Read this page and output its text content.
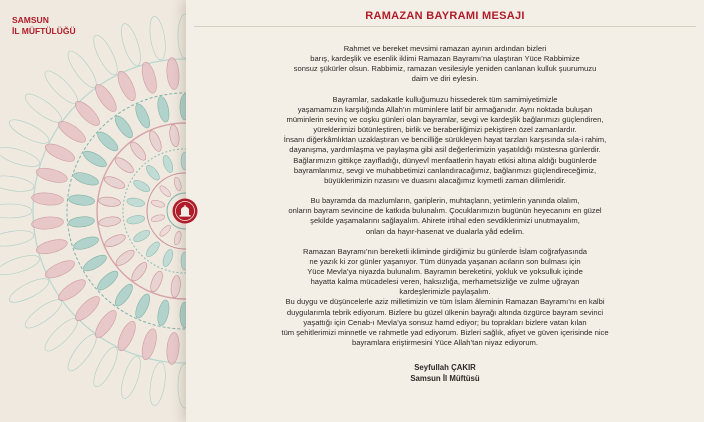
SAMSUN
İL MÜFTÜLÜĞÜ
RAMAZAN BAYRAMI MESAJI
Rahmet ve bereket mevsimi ramazan ayının ardından bizleri
barış, kardeşlik ve esenlik iklimi Ramazan Bayramı’na ulaştıran Yüce Rabbimize
sonsuz şükürler olsun. Rabbimiz, ramazan vesilesiyle yeniden canlanan kulluk şuurumuzu
daim ve diri eylesin.
Bayramlar, sadakatle kulluğumuzu hissederek tüm samimiyetimizle
yaşamamızın karşılığında Allah’ın müminlere latif bir armağanıdır. Aynı noktada buluşan
müminlerin sevinç ve coşku günleri olan bayramlar, sevgi ve kardeşlik bağlarımızı güçlendiren,
yüreklerimizi bütünleştiren, birlik ve beraberliğimizi pekiştiren özel zamanlardır.
İnsanı diğerkâmlıktan uzaklaştıran ve bencilliğe sürükleyen hayat tarzları karşısında sıla-i rahim,
dayanışma, yardımlaşma ve paylaşma gibi asil değerlerimizin yaşatıldığı müstesna günlerdir.
Bağlarımızın gittikçe zayıfladığı, dünyevî menfaatlerin hayatı etkisi altına aldığı bugünlerde
bayramlarımız, sevgi ve muhabbetimizi canlandıracağımız, bağlarımızı güçlendireceğimiz,
büyüklerimizin rızasını ve duasını alacağımız kıymetli zaman dilimleridir.
Bu bayramda da mazlumların, gariplerin, muhtaçların, yetimlerin yanında olalım,
onların bayram sevincine de katkıda bulunalım. Çocuklarımızın bugünün heyecanını en güzel
şekilde yaşamalarını sağlayalım. Ahirete irtihal eden sevdiklerimizi unutmayalım,
onları da hayır-hasenat ve dualarla yâd edelim.
Ramazan Bayramı’nın bereketli ikliminde girdiğimiz bu günlerde İslam coğrafyasında
ne yazık ki zor günler yaşanıyor. Tüm dünyada yaşanan acıların son bulması için
Yüce Mevla’ya niyazda bulunalım. Bayramın bereketini, yokluk ve yoksulluk içinde
hayatta kalma mücadelesi veren, haksızlığa, merhametsizliğe ve zulme uğrayan
kardeşlerimizle paylaşalım.
Bu duygu ve düşüncelerle aziz milletimizin ve tüm İslam âleminin Ramazan Bayramı’nı en kalbi
duygularımla tebrik ediyorum. Bizlere bu güzel ülkenin bayrağı altında özgürce bayram sevinci
yaşattığı için Cenab-ı Mevla’ya sonsuz hamd ediyor; bu toprakları bizlere vatan kılan
tüm şehitlerimizi minnetle ve rahmetle yad ediyorum. Bizleri sağlık, afiyet ve güven içerisinde nice
bayramlara eriştirmesini Yüce Allah’tan niyaz ediyorum.
Seyfullah ÇAKIR
Samsun İl Müftüsü
